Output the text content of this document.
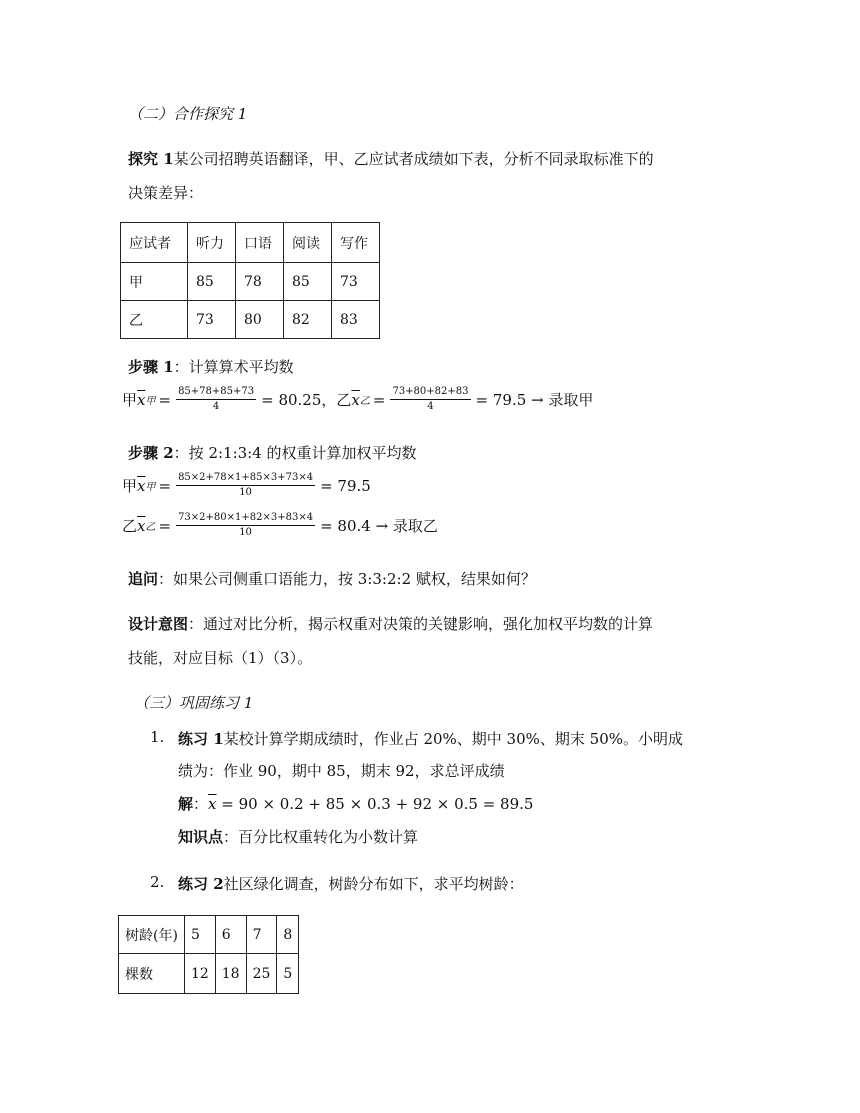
（二）合作探究 1
探究 1某公司招聘英语翻译，甲、乙应试者成绩如下表，分析不同录取标准下的
决策差异：
应试者	听力	口语	阅读	写作
甲	85	78	85	73
乙	73	80	82	83
步骤 1：计算算术平均数
甲 $\overline{x}$ 甲 = $\frac{85+78+85+73}{4} = 80.25$， 乙 $\overline{x}$ 乙 = $\frac{73+80+82+83}{4} = 79.5$ → 录取甲
步骤 2：按 2:1:3:4 的权重计算加权平均数
甲 $\overline{x}$ 甲 = $\frac{85\times 2+78\times 1+85\times 3+73\times 4}{10} = 79.5$
乙 $\overline{x}$ 乙 = $\frac{73\times 2+80\times 1+82\times 3+83\times 4}{10} = 80.4$ → 录取乙
追问：如果公司侧重口语能力，按 3:3:2:2 赋权，结果如何？
设计意图：通过对比分析，揭示权重对决策的关键影响，强化加权平均数的计算
技能，对应目标（1）（3）。
（三）巩固练习 1
1. 练习 1某校计算学期成绩时，作业占 20%、期中 30%、期末 50%。小明成
绩为：作业 90，期中 85，期末 92，求总评成绩
解：$\overline{x} = 90 \times 0.2 + 85 \times 0.3 + 92 \times 0.5 = 89.5$
知识点：百分比权重转化为小数计算
2. 练习 2社区绿化调查，树龄分布如下，求平均树龄：
树龄(年)	5	6	7	8
棵数	12	18	25	5
